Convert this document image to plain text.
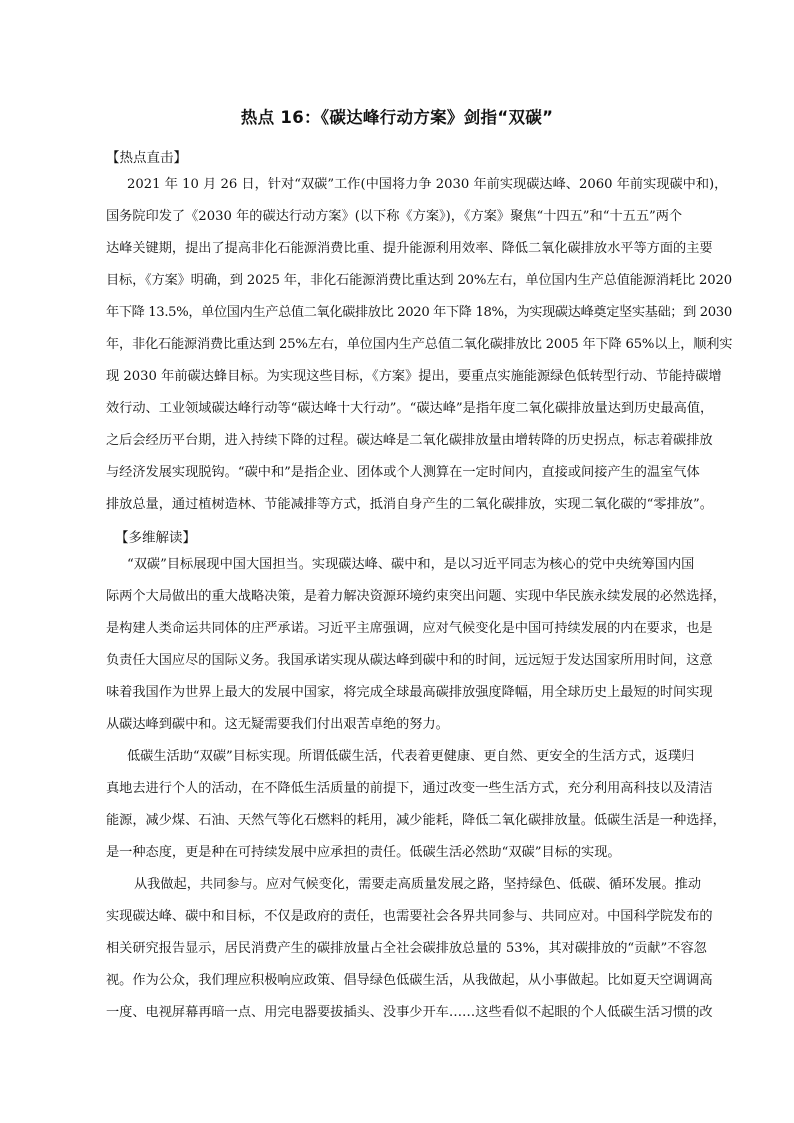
热点 16：《碳达峰行动方案》剑指“双碳”
【热点直击】
2021 年 10 月 26 日，针对“双碳”工作(中国将力争 2030 年前实现碳达峰、2060 年前实现碳中和)，
国务院印发了《2030 年的碳达行动方案》(以下称《方案》)，《方案》聚焦“十四五”和“十五五”两个
达峰关键期，提出了提高非化石能源消费比重、提升能源利用效率、降低二氧化碳排放水平等方面的主要
目标，《方案》明确，到 2025 年，非化石能源消费比重达到 20%左右，单位国内生产总值能源消耗比 2020
年下降 13.5%，单位国内生产总值二氧化碳排放比 2020 年下降 18%，为实现碳达峰奠定坚实基础；到 2030
年，非化石能源消费比重达到 25%左右，单位国内生产总值二氧化碳排放比 2005 年下降 65%以上，顺利实
现 2030 年前碳达蜂目标。为实现这些目标，《方案》提出，要重点实施能源绿色低转型行动、节能持碳增
效行动、工业领域碳达峰行动等“碳达峰十大行动”。“碳达峰”是指年度二氧化碳排放量达到历史最高值，
之后会经历平台期，进入持续下降的过程。碳达峰是二氧化碳排放量由增转降的历史拐点，标志着碳排放
与经济发展实现脱钩。“碳中和”是指企业、团体或个人测算在一定时间内，直接或间接产生的温室气体
排放总量，通过植树造林、节能减排等方式，抵消自身产生的二氧化碳排放，实现二氧化碳的“零排放”。
【多维解读】
“双碳”目标展现中国大国担当。实现碳达峰、碳中和，是以习近平同志为核心的党中央统筹国内国
际两个大局做出的重大战略决策，是着力解决资源环境约束突出问题、实现中华民族永续发展的必然选择，
是构建人类命运共同体的庄严承诺。习近平主席强调，应对气候变化是中国可持续发展的内在要求，也是
负责任大国应尽的国际义务。我国承诺实现从碳达峰到碳中和的时间，远远短于发达国家所用时间，这意
味着我国作为世界上最大的发展中国家，将完成全球最高碳排放强度降幅，用全球历史上最短的时间实现
从碳达峰到碳中和。这无疑需要我们付出艰苦卓绝的努力。
低碳生活助“双碳”目标实现。所谓低碳生活，代表着更健康、更自然、更安全的生活方式，返璞归
真地去进行个人的活动，在不降低生活质量的前提下，通过改变一些生活方式，充分利用高科技以及清洁
能源，减少煤、石油、天然气等化石燃料的耗用，减少能耗，降低二氧化碳排放量。低碳生活是一种选择，
是一种态度，更是种在可持续发展中应承担的责任。低碳生活必然助“双碳”目标的实现。
从我做起，共同参与。应对气候变化，需要走高质量发展之路，坚持绿色、低碳、循环发展。推动
实现碳达峰、碳中和目标，不仅是政府的责任，也需要社会各界共同参与、共同应对。中国科学院发布的
相关研究报告显示，居民消费产生的碳排放量占全社会碳排放总量的 53%，其对碳排放的“贡献”不容忽
视。作为公众，我们理应积极响应政策、倡导绿色低碳生活，从我做起，从小事做起。比如夏天空调调高
一度、电视屏幕再暗一点、用完电器要拔插头、没事少开车……这些看似不起眼的个人低碳生活习惯的改
